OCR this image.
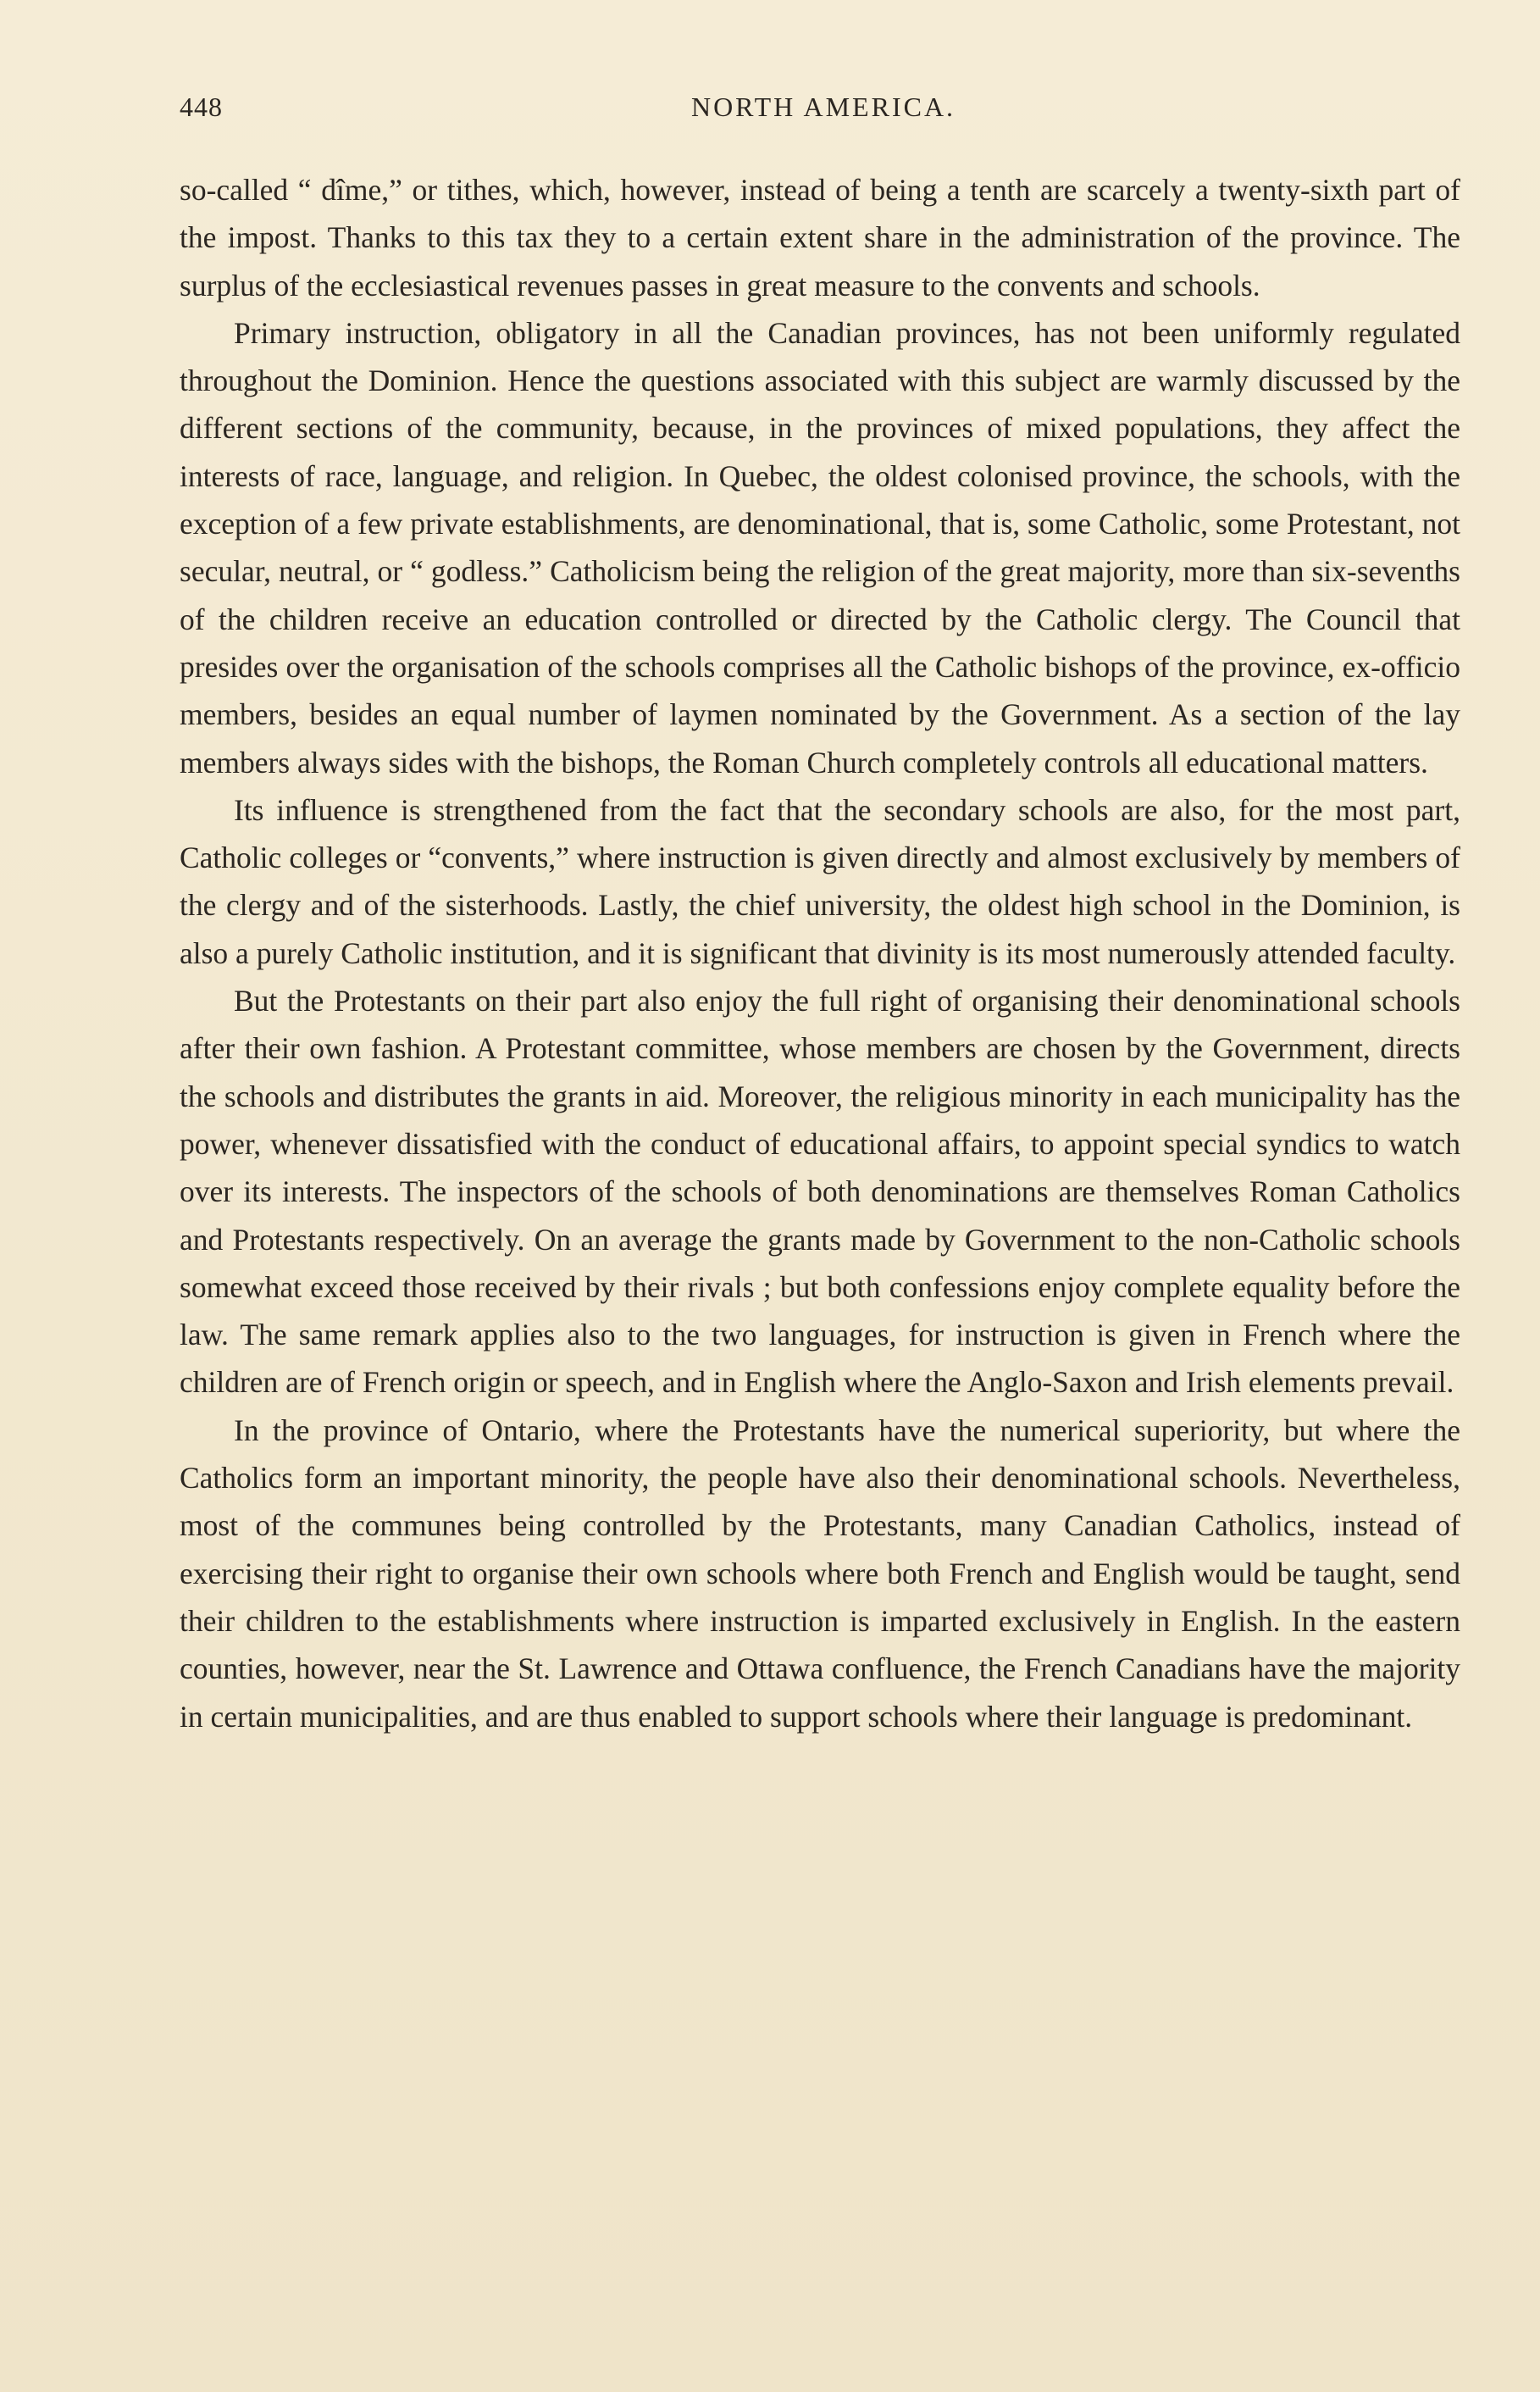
448	NORTH AMERICA.

so-called “ dîme,” or tithes, which, however, instead of being a tenth are scarcely a twenty-sixth part of the impost. Thanks to this tax they to a certain extent share in the administration of the province. The surplus of the ecclesiastical revenues passes in great measure to the convents and schools.

Primary instruction, obligatory in all the Canadian provinces, has not been uniformly regulated throughout the Dominion. Hence the questions associated with this subject are warmly discussed by the different sections of the community, because, in the provinces of mixed populations, they affect the interests of race, language, and religion. In Quebec, the oldest colonised province, the schools, with the exception of a few private establishments, are denominational, that is, some Catholic, some Protestant, not secular, neutral, or “ godless.” Catholicism being the religion of the great majority, more than six-sevenths of the children receive an education controlled or directed by the Catholic clergy. The Council that presides over the organisation of the schools comprises all the Catholic bishops of the province, ex-officio members, besides an equal number of laymen nominated by the Government. As a section of the lay members always sides with the bishops, the Roman Church completely controls all educational matters.

Its influence is strengthened from the fact that the secondary schools are also, for the most part, Catholic colleges or “convents,” where instruction is given directly and almost exclusively by members of the clergy and of the sisterhoods. Lastly, the chief university, the oldest high school in the Dominion, is also a purely Catholic institution, and it is significant that divinity is its most numerously attended faculty.

But the Protestants on their part also enjoy the full right of organising their denominational schools after their own fashion. A Protestant committee, whose members are chosen by the Government, directs the schools and distributes the grants in aid. Moreover, the religious minority in each municipality has the power, whenever dissatisfied with the conduct of educational affairs, to appoint special syndics to watch over its interests. The inspectors of the schools of both denominations are themselves Roman Catholics and Protestants respectively. On an average the grants made by Government to the non-Catholic schools somewhat exceed those received by their rivals ; but both confessions enjoy complete equality before the law. The same remark applies also to the two languages, for instruction is given in French where the children are of French origin or speech, and in English where the Anglo-Saxon and Irish elements prevail.

In the province of Ontario, where the Protestants have the numerical superiority, but where the Catholics form an important minority, the people have also their denominational schools. Nevertheless, most of the communes being controlled by the Protestants, many Canadian Catholics, instead of exercising their right to organise their own schools where both French and English would be taught, send their children to the establishments where instruction is imparted exclusively in English. In the eastern counties, however, near the St. Lawrence and Ottawa confluence, the French Canadians have the majority in certain municipalities, and are thus enabled to support schools where their language is predominant.
